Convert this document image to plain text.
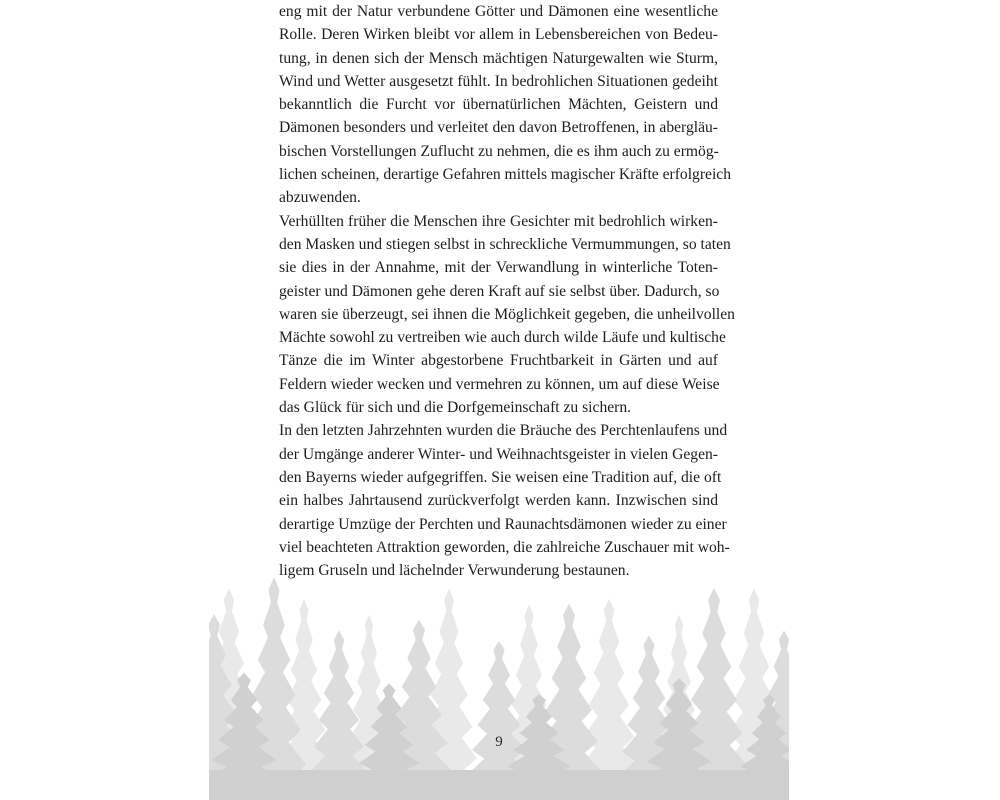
eng mit der Natur verbundene Götter und Dämonen eine wesentliche
Rolle. Deren Wirken bleibt vor allem in Lebensbereichen von Bedeu-
tung, in denen sich der Mensch mächtigen Naturgewalten wie Sturm,
Wind und Wetter ausgesetzt fühlt. In bedrohlichen Situationen gedeiht
bekanntlich die Furcht vor übernatürlichen Mächten, Geistern und
Dämonen besonders und verleitet den davon Betroffenen, in abergläu-
bischen Vorstellungen Zuflucht zu nehmen, die es ihm auch zu ermög-
lichen scheinen, derartige Gefahren mittels magischer Kräfte erfolgreich
abzuwenden.

Verhüllten früher die Menschen ihre Gesichter mit bedrohlich wirken-
den Masken und stiegen selbst in schreckliche Vermummungen, so taten
sie dies in der Annahme, mit der Verwandlung in winterliche Toten-
geister und Dämonen gehe deren Kraft auf sie selbst über. Dadurch, so
waren sie überzeugt, sei ihnen die Möglichkeit gegeben, die unheilvollen
Mächte sowohl zu vertreiben wie auch durch wilde Läufe und kultische
Tänze die im Winter abgestorbene Fruchtbarkeit in Gärten und auf
Feldern wieder wecken und vermehren zu können, um auf diese Weise
das Glück für sich und die Dorfgemeinschaft zu sichern.

In den letzten Jahrzehnten wurden die Bräuche des Perchtenlaufens und
der Umgänge anderer Winter- und Weihnachtsgeister in vielen Gegen-
den Bayerns wieder aufgegriffen. Sie weisen eine Tradition auf, die oft
ein halbes Jahrtausend zurückverfolgt werden kann. Inzwischen sind
derartige Umzüge der Perchten und Raunachtsdämonen wieder zu einer
viel beachteten Attraktion geworden, die zahlreiche Zuschauer mit woh-
ligem Gruseln und lächelnder Verwunderung bestaunen.

9
